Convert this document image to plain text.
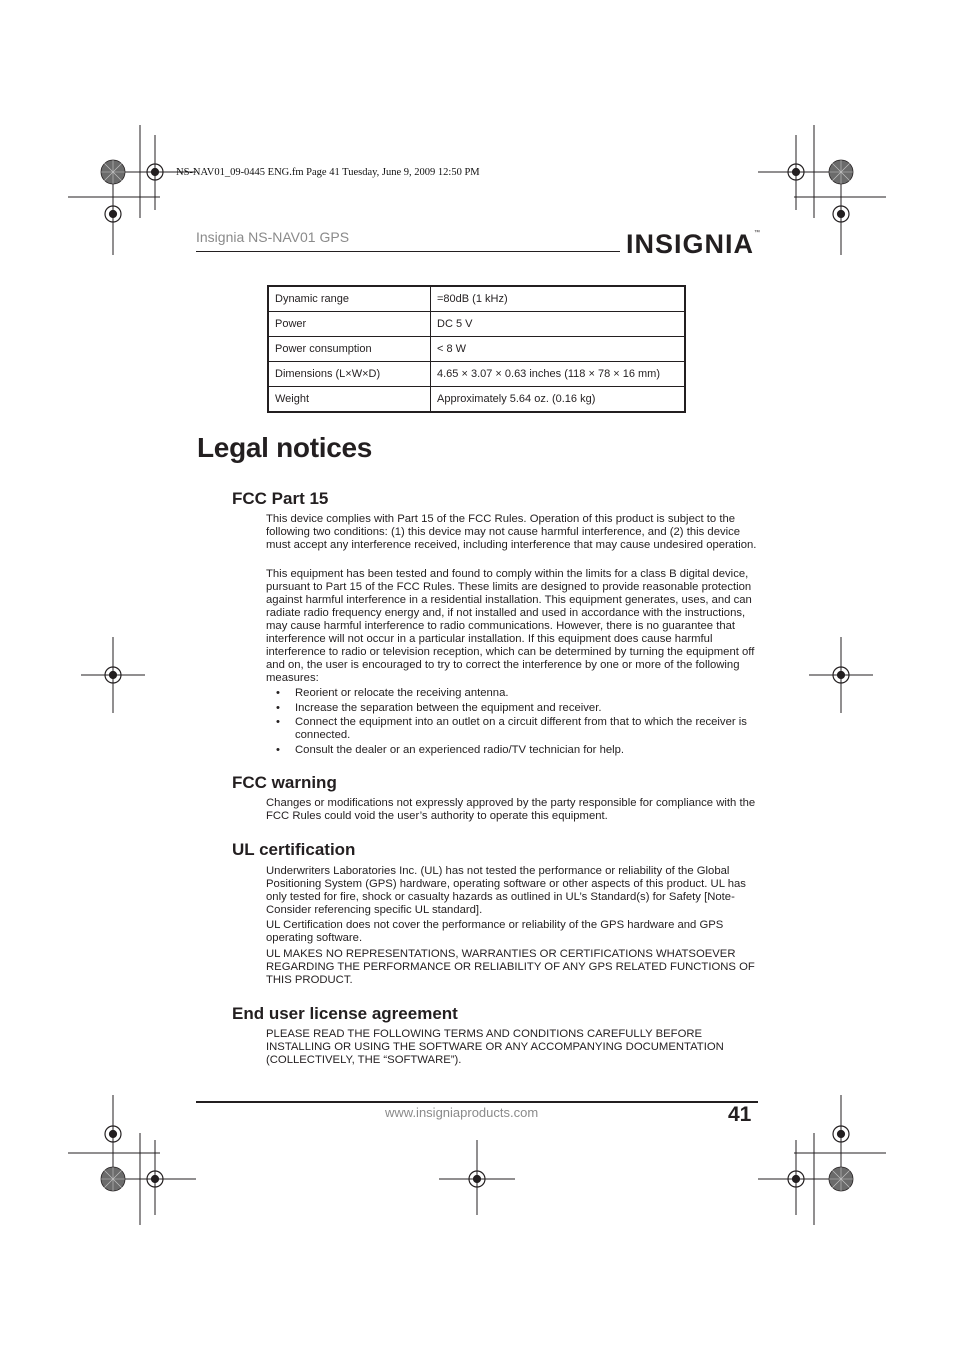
NS-NAV01_09-0445 ENG.fm Page 41 Tuesday, June 9, 2009 12:50 PM
Insignia NS-NAV01 GPS	INSIGNIA ™
Dynamic range	=80dB (1 kHz)
Power	DC 5 V
Power consumption	< 8 W
Dimensions (L×W×D)	4.65 × 3.07 × 0.63 inches (118 × 78 × 16 mm)
Weight	Approximately 5.64 oz. (0.16 kg)
Legal notices
FCC Part 15

This device complies with Part 15 of the FCC Rules. Operation of this product is subject to the following two conditions: (1) this device may not cause harmful interference, and (2) this device must accept any interference received, including interference that may cause undesired operation.

This equipment has been tested and found to comply within the limits for a class B digital device, pursuant to Part 15 of the FCC Rules. These limits are designed to provide reasonable protection against harmful interference in a residential installation. This equipment generates, uses, and can radiate radio frequency energy and, if not installed and used in accordance with the instructions, may cause harmful interference to radio communications. However, there is no guarantee that interference will not occur in a particular installation. If this equipment does cause harmful interference to radio or television reception, which can be determined by turning the equipment off and on, the user is encouraged to try to correct the interference by one or more of the following measures:

• Reorient or relocate the receiving antenna.
• Increase the separation between the equipment and receiver.
• Connect the equipment into an outlet on a circuit different from that to which the receiver is connected.
• Consult the dealer or an experienced radio/TV technician for help.
FCC warning

Changes or modifications not expressly approved by the party responsible for compliance with the FCC Rules could void the user’s authority to operate this equipment.

UL certification

Underwriters Laboratories Inc. (UL) has not tested the performance or reliability of the Global Positioning System (GPS) hardware, operating software or other aspects of this product. UL has only tested for fire, shock or casualty hazards as outlined in UL’s Standard(s) for Safety [Note-Consider referencing specific UL standard].

UL Certification does not cover the performance or reliability of the GPS hardware and GPS operating software.

UL MAKES NO REPRESENTATIONS, WARRANTIES OR CERTIFICATIONS WHATSOEVER REGARDING THE PERFORMANCE OR RELIABILITY OF ANY GPS RELATED FUNCTIONS OF THIS PRODUCT.

End user license agreement

PLEASE READ THE FOLLOWING TERMS AND CONDITIONS CAREFULLY BEFORE INSTALLING OR USING THE SOFTWARE OR ANY ACCOMPANYING DOCUMENTATION (COLLECTIVELY, THE “SOFTWARE”).

www.insigniaproducts.com	41
